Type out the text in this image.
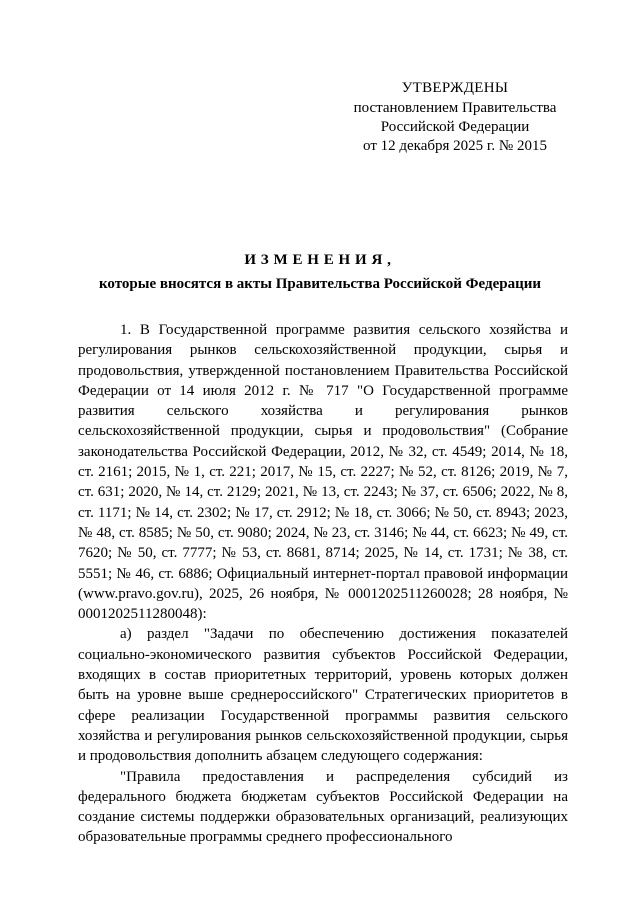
УТВЕРЖДЕНЫ
постановлением Правительства
Российской Федерации
от 12 декабря 2025 г. № 2015
ИЗМЕНЕНИЯ,
которые вносятся в акты Правительства Российской Федерации

1. В Государственной программе развития сельского хозяйства и регулирования рынков сельскохозяйственной продукции, сырья и продовольствия, утвержденной постановлением Правительства Российской Федерации от 14 июля 2012 г. № 717 "О Государственной программе развития сельского хозяйства и регулирования рынков сельскохозяйственной продукции, сырья и продовольствия" (Собрание законодательства Российской Федерации, 2012, № 32, ст. 4549; 2014, № 18, ст. 2161; 2015, № 1, ст. 221; 2017, № 15, ст. 2227; № 52, ст. 8126; 2019, № 7, ст. 631; 2020, № 14, ст. 2129; 2021, № 13, ст. 2243; № 37, ст. 6506; 2022, № 8, ст. 1171; № 14, ст. 2302; № 17, ст. 2912; № 18, ст. 3066; № 50, ст. 8943; 2023, № 48, ст. 8585; № 50, ст. 9080; 2024, № 23, ст. 3146; № 44, ст. 6623; № 49, ст. 7620; № 50, ст. 7777; № 53, ст. 8681, 8714; 2025, № 14, ст. 1731; № 38, ст. 5551; № 46, ст. 6886; Официальный интернет-портал правовой информации (www.pravo.gov.ru), 2025, 26 ноября, № 0001202511260028; 28 ноября, № 0001202511280048):

а) раздел "Задачи по обеспечению достижения показателей социально-экономического развития субъектов Российской Федерации, входящих в состав приоритетных территорий, уровень которых должен быть на уровне выше среднероссийского" Стратегических приоритетов в сфере реализации Государственной программы развития сельского хозяйства и регулирования рынков сельскохозяйственной продукции, сырья и продовольствия дополнить абзацем следующего содержания:

"Правила предоставления и распределения субсидий из федерального бюджета бюджетам субъектов Российской Федерации на создание системы поддержки образовательных организаций, реализующих образовательные программы среднего профессионального
